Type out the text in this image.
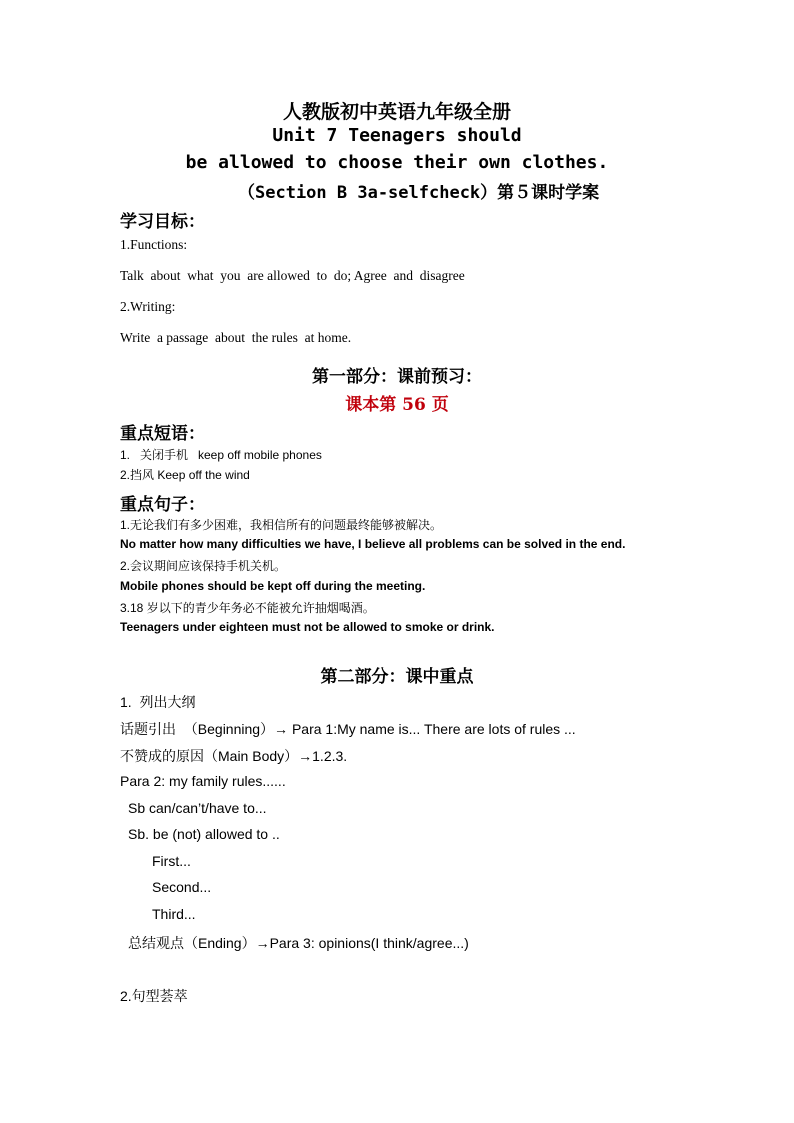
人教版初中英语九年级全册
Unit 7 Teenagers should
be allowed to choose their own clothes.
（Section B 3a-selfcheck）第５课时学案
学习目标：
1.Functions:
Talk  about  what  you  are allowed  to  do; Agree  and  disagree
2.Writing:
Write  a passage  about  the rules  at home.
第一部分：课前预习：
课本第 56 页
重点短语：
1.   关闭手机   keep off mobile phones
2.挡风 Keep off the wind
重点句子：
1.无论我们有多少困难，我相信所有的问题最终能够被解决。
No matter how many difficulties we have, I believe all problems can be solved in the end.
2.会议期间应该保持手机关机。
Mobile phones should be kept off during the meeting.
3.18 岁以下的青少年务必不能被允许抽烟喝酒。
Teenagers under eighteen must not be allowed to smoke or drink.
第二部分：课中重点
1.  列出大纲
话题引出  （Beginning）→ Para 1:My name is... There are lots of rules ...
不赞成的原因（Main Body）→1.2.3.
Para 2: my family rules......
Sb can/can’t/have to...
Sb. be (not) allowed to ..
First...
Second...
Third...
总结观点（Ending）→Para 3: opinions(I think/agree...)
2.句型荟萃
